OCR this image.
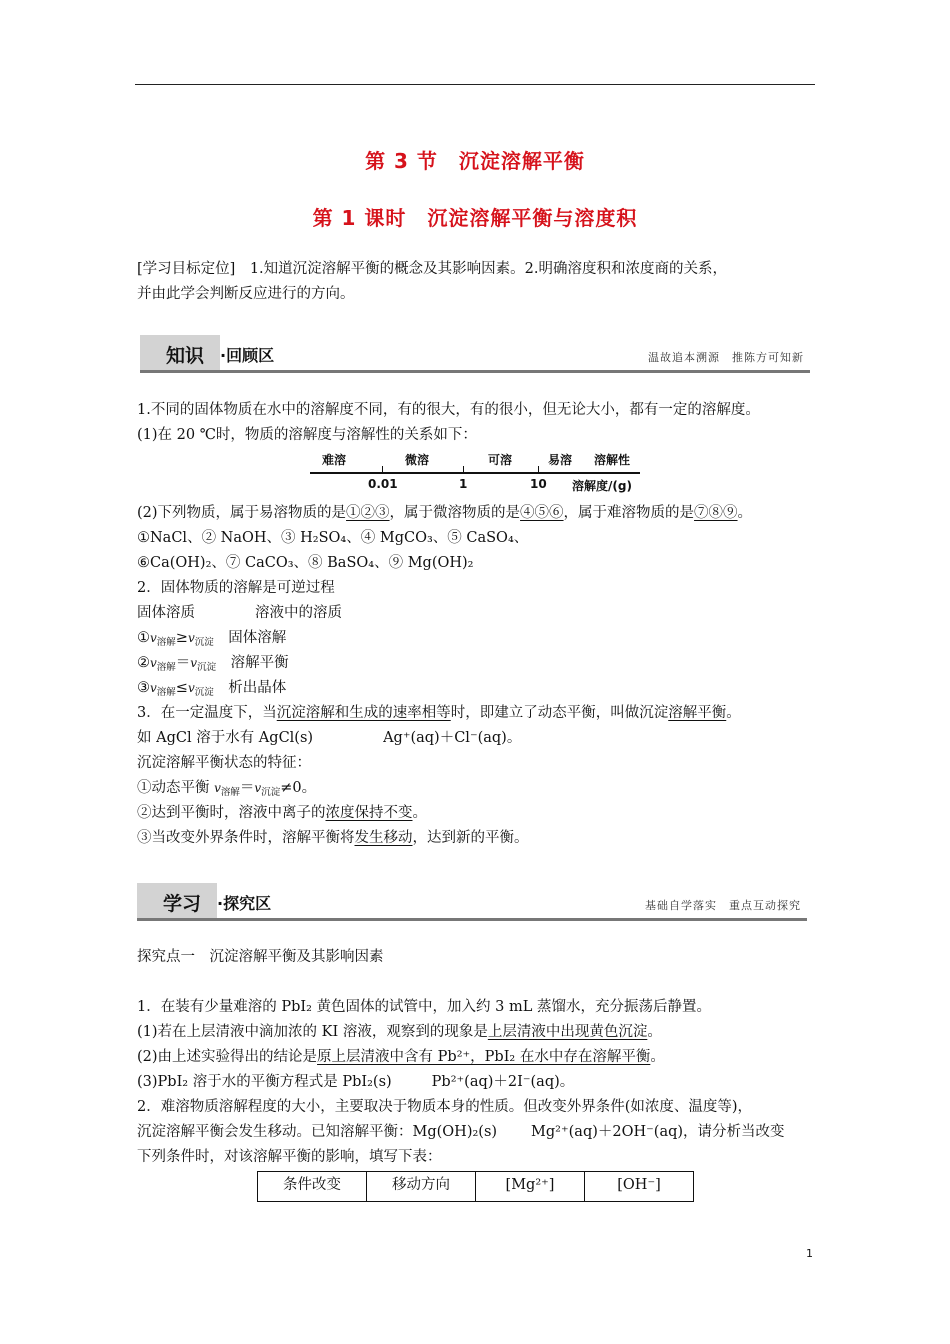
第 3 节　沉淀溶解平衡
第 1 课时　沉淀溶解平衡与溶度积
[学习目标定位]　1.知道沉淀溶解平衡的概念及其影响因素。2.明确溶度积和浓度商的关系，
并由此学会判断反应进行的方向。
知识 ·回顾区	温故追本溯源　推陈方可知新
1.不同的固体物质在水中的溶解度不同，有的很大，有的很小，但无论大小，都有一定的溶解度。
(1)在 20 ℃时，物质的溶解度与溶解性的关系如下：
难溶	微溶	可溶	易溶 溶解性
0.01	1	10 溶解度/(g)
(2)下列物质，属于易溶物质的是①②③，属于微溶物质的是④⑤⑥，属于难溶物质的是⑦⑧⑨。
①NaCl、② NaOH、③ H₂SO₄、④ MgCO₃、⑤ CaSO₄、
⑥Ca(OH)₂、⑦ CaCO₃、⑧ BaSO₄、⑨ Mg(OH)₂
2．固体物质的溶解是可逆过程
固体溶质	溶液中的溶质
$①v_{溶解}\ge v_{沉淀}$　 固体溶解
$②v_{溶解}=v_{沉淀}$　 溶解平衡
$③v_{溶解}\le v_{沉淀}$　 析出晶体
3．在一定温度下，当沉淀溶解和生成的速率相等时，即建立了动态平衡，叫做沉淀溶解平衡。
如 AgCl 溶于水有 AgCl(s)	Ag⁺(aq)＋Cl⁻(aq)。
沉淀溶解平衡状态的特征：
①动态平衡 $v_{溶解}=v_{沉淀}\ne 0$。
②达到平衡时，溶液中离子的浓度保持不变。
③当改变外界条件时，溶解平衡将发生移动，达到新的平衡。
学习 ·探究区	基础自学落实　重点互动探究
探究点一　沉淀溶解平衡及其影响因素
1．在装有少量难溶的 PbI₂ 黄色固体的试管中，加入约 3 mL 蒸馏水，充分振荡后静置。
(1)若在上层清液中滴加浓的 KI 溶液，观察到的现象是上层清液中出现黄色沉淀。
(2)由上述实验得出的结论是原上层清液中含有 Pb²⁺，PbI₂ 在水中存在溶解平衡。
(3)PbI₂ 溶于水的平衡方程式是 PbI₂(s)	Pb²⁺(aq)＋2I⁻(aq)。
2．难溶物质溶解程度的大小，主要取决于物质本身的性质。但改变外界条件(如浓度、温度等)，
沉淀溶解平衡会发生移动。已知溶解平衡：Mg(OH)₂(s) Mg²⁺(aq)＋2OH⁻(aq)，请分析当改变
下列条件时，对该溶解平衡的影响，填写下表：
条件改变	移动方向	[Mg²⁺]	[OH⁻]
1
